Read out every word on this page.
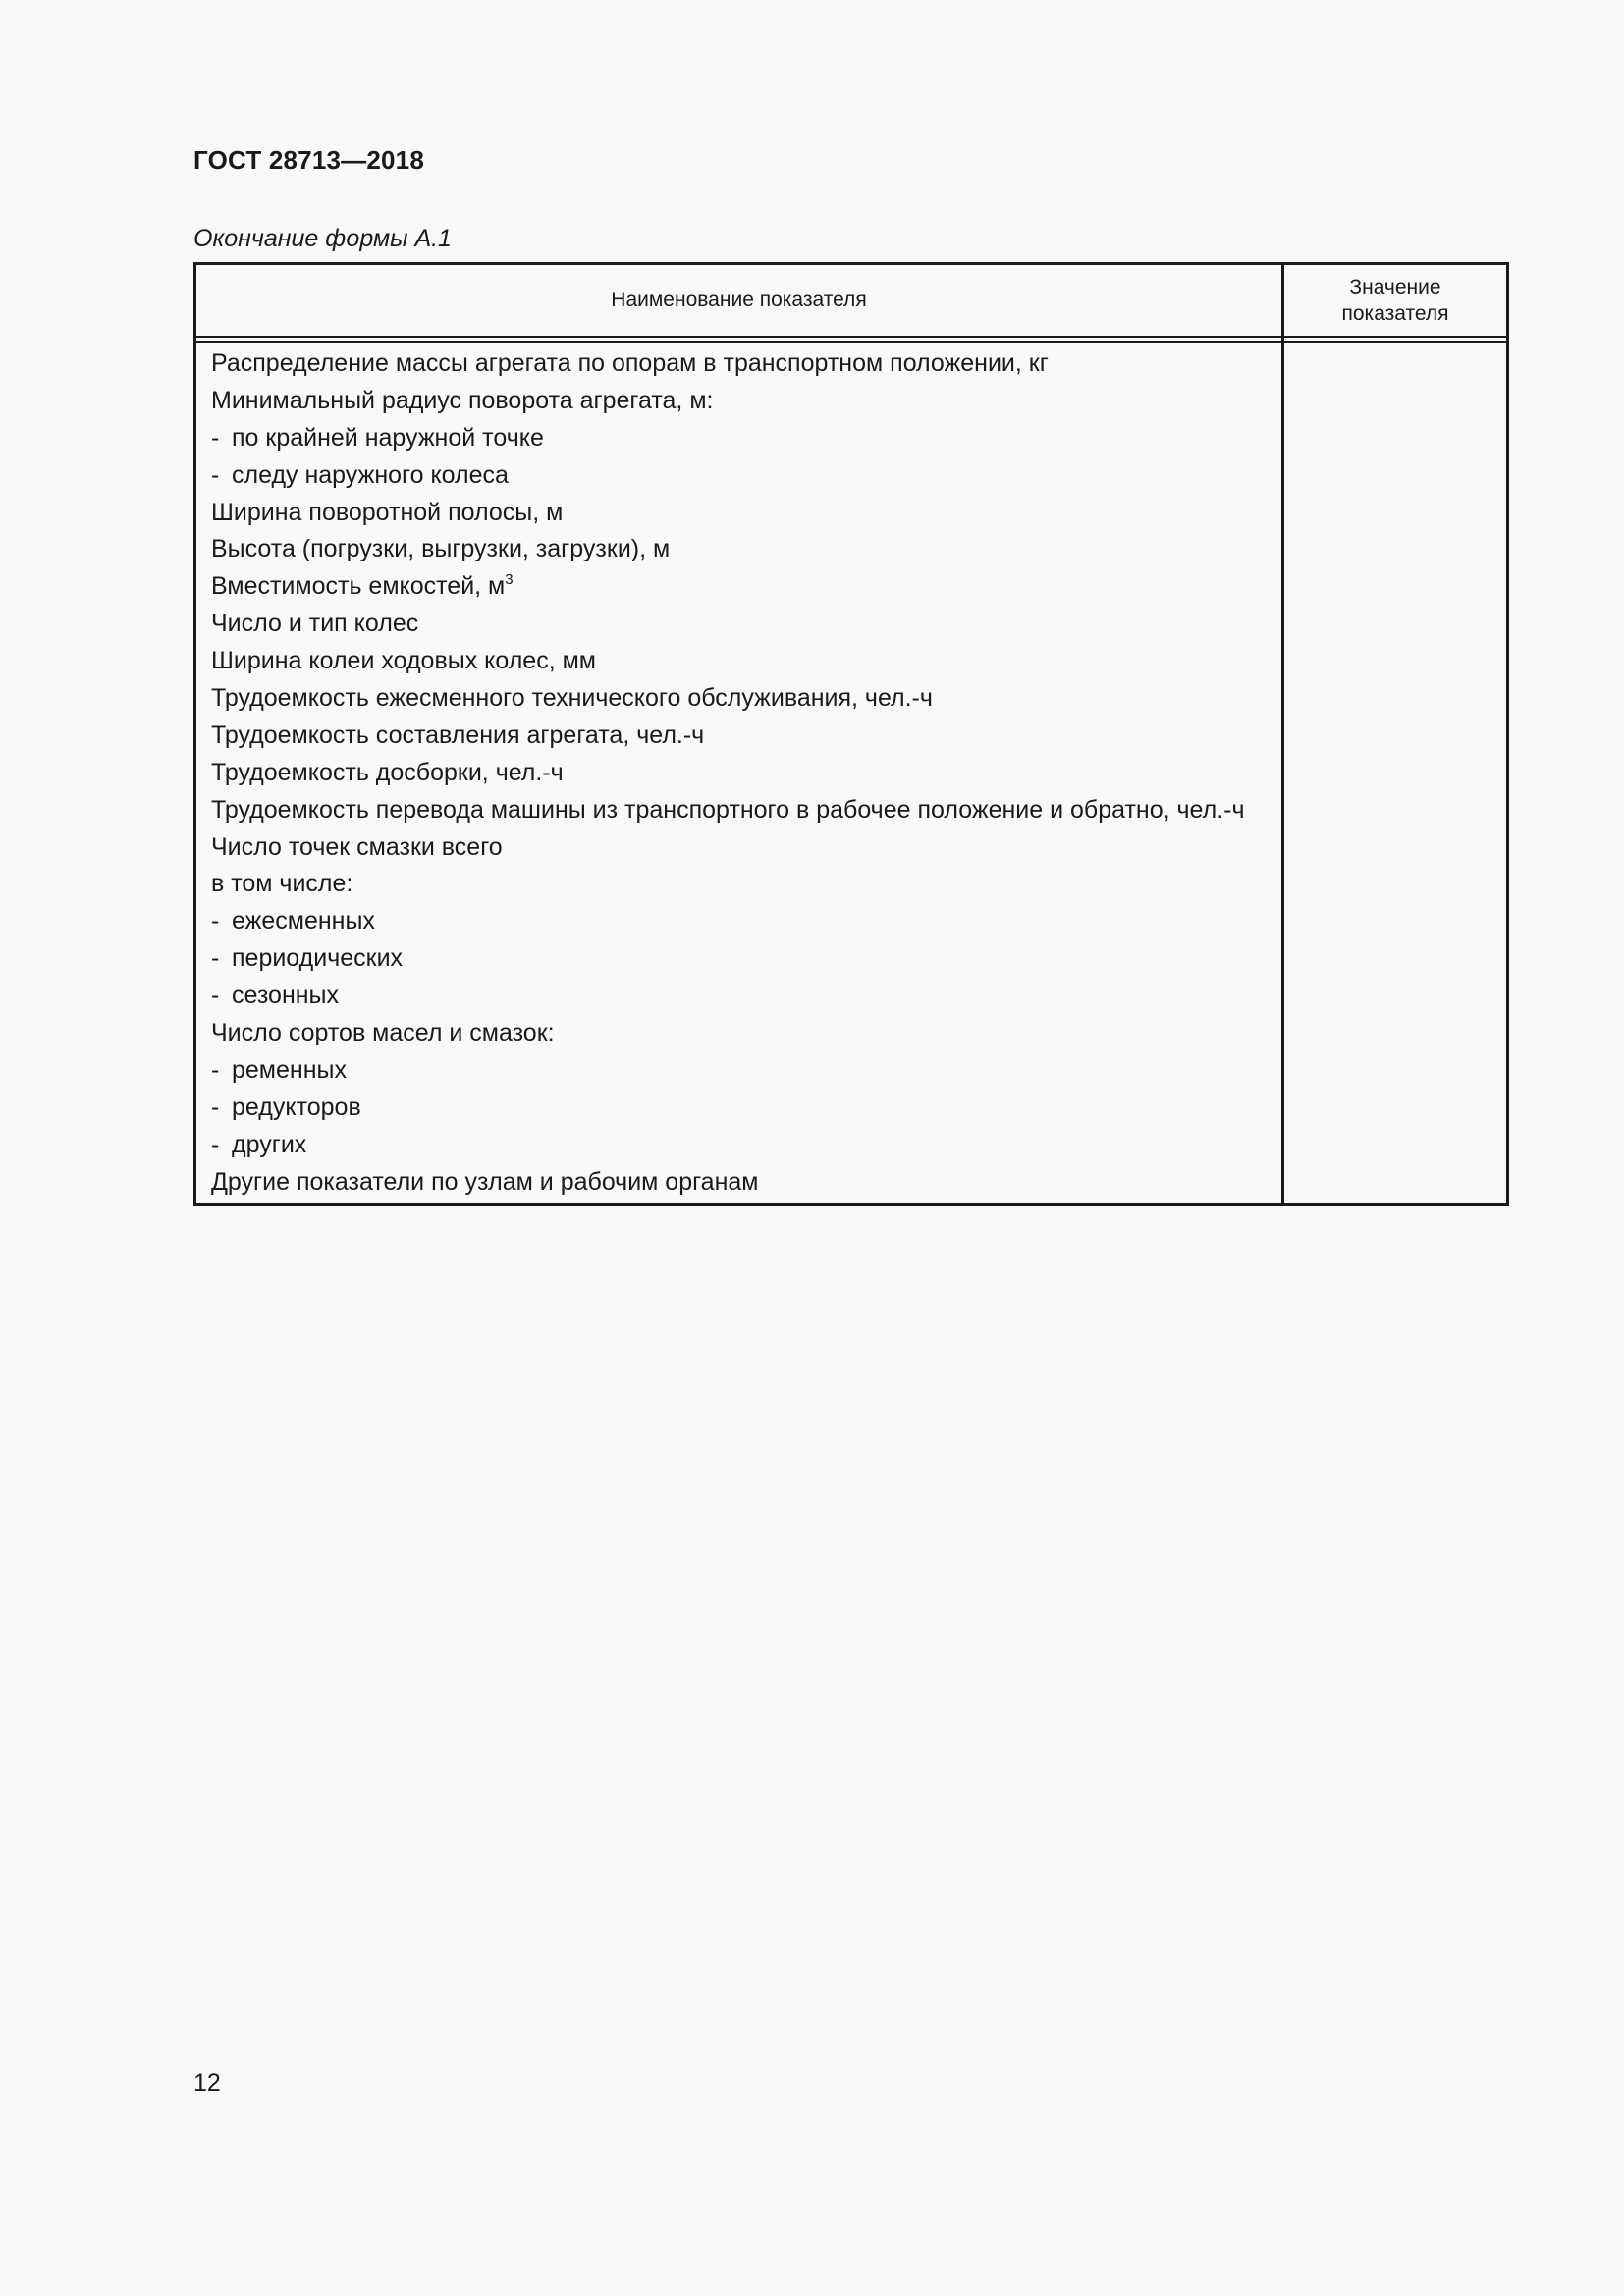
ГОСТ 28713—2018
Окончание формы А.1
Наименование показателя
Значение
показателя
Распределение массы агрегата по опорам в транспортном положении, кг
Минимальный радиус поворота агрегата, м:
- по крайней наружной точке
- следу наружного колеса
Ширина поворотной полосы, м
Высота (погрузки, выгрузки, загрузки), м
Вместимость емкостей, $м^3$
Число и тип колес
Ширина колеи ходовых колес, мм
Трудоемкость ежесменного технического обслуживания, чел.-ч
Трудоемкость составления агрегата, чел.-ч
Трудоемкость досборки, чел.-ч
Трудоемкость перевода машины из транспортного в рабочее положение и обратно, чел.-ч
Число точек смазки всего
в том числе:
- ежесменных
- периодических
- сезонных
Число сортов масел и смазок:
- ременных
- редукторов
- других
Другие показатели по узлам и рабочим органам
12
